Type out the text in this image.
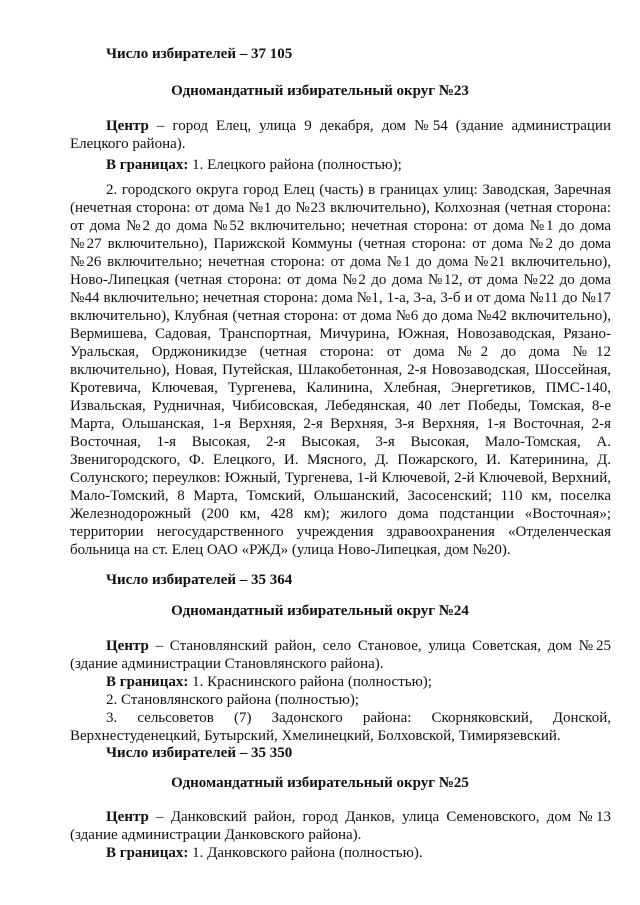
Число избирателей – 37 105
Одномандатный избирательный округ №23
Центр – город Елец, улица 9 декабря, дом №54 (здание администрации Елецкого района).
В границах: 1. Елецкого района (полностью);
2. городского округа город Елец (часть) в границах улиц: Заводская, Заречная (нечетная сторона: от дома №1 до №23 включительно), Колхозная (четная сторона: от дома №2 до дома №52 включительно; нечетная сторона: от дома №1 до дома №27 включительно), Парижской Коммуны (четная сторона: от дома №2 до дома №26 включительно; нечетная сторона: от дома №1 до дома №21 включительно), Ново-Липецкая (четная сторона: от дома №2 до дома №12, от дома №22 до дома №44 включительно; нечетная сторона: дома №1, 1-а, 3-а, 3-б и от дома №11 до №17 включительно), Клубная (четная сторона: от дома №6 до дома №42 включительно), Вермишева, Садовая, Транспортная, Мичурина, Южная, Новозаводская, Рязано-Уральская, Орджоникидзе (четная сторона: от дома №2 до дома №12 включительно), Новая, Путейская, Шлакобетонная, 2-я Новозаводская, Шоссейная, Кротевича, Ключевая, Тургенева, Калинина, Хлебная, Энергетиков, ПМС-140, Извальская, Рудничная, Чибисовская, Лебедянская, 40 лет Победы, Томская, 8-е Марта, Ольшанская, 1-я Верхняя, 2-я Верхняя, 3-я Верхняя, 1-я Восточная, 2-я Восточная, 1-я Высокая, 2-я Высокая, 3-я Высокая, Мало-Томская, А. Звенигородского, Ф. Елецкого, И. Мясного, Д. Пожарского, И. Катеринина, Д. Солунского; переулков: Южный, Тургенева, 1-й Ключевой, 2-й Ключевой, Верхний, Мало-Томский, 8 Марта, Томский, Ольшанский, Засосенский; 110 км, поселка Железнодорожный (200 км, 428 км); жилого дома подстанции «Восточная»; территории негосударственного учреждения здравоохранения «Отделенческая больница на ст. Елец ОАО «РЖД» (улица Ново-Липецкая, дом №20).
Число избирателей – 35 364
Одномандатный избирательный округ №24
Центр – Становлянский район, село Становое, улица Советская, дом №25 (здание администрации Становлянского района).
В границах: 1. Краснинского района (полностью);
2. Становлянского района (полностью);
3. сельсоветов (7) Задонского района: Скорняковский, Донской, Верхнестуденецкий, Бутырский, Хмелинецкий, Болховской, Тимирязевский.
Число избирателей – 35 350
Одномандатный избирательный округ №25
Центр – Данковский район, город Данков, улица Семеновского, дом №13 (здание администрации Данковского района).
В границах: 1. Данковского района (полностью).
